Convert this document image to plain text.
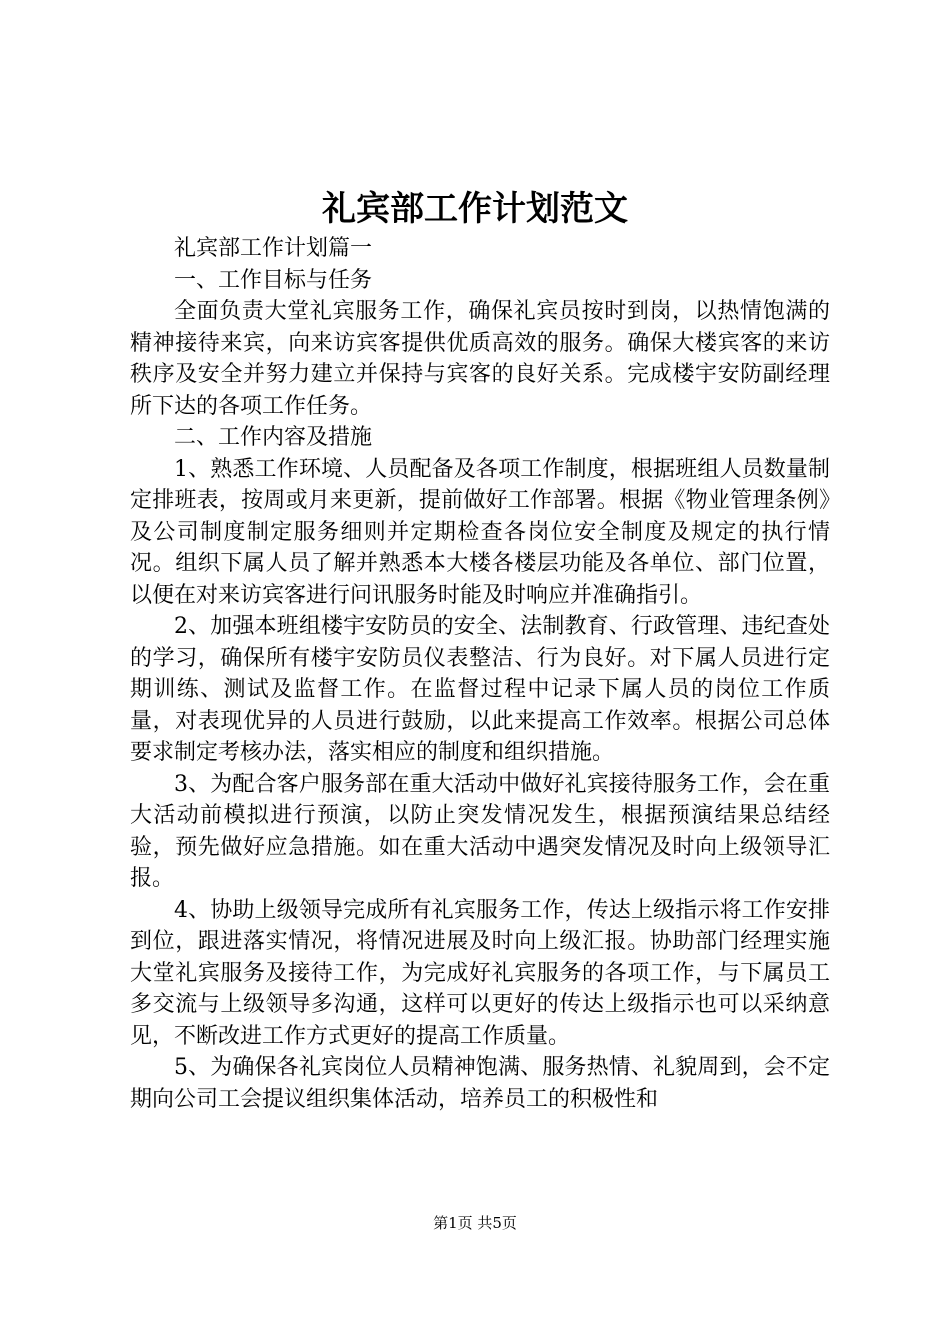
礼宾部工作计划范文

礼宾部工作计划篇一

一、工作目标与任务

全面负责大堂礼宾服务工作，确保礼宾员按时到岗，以热情饱满的精神接待来宾，向来访宾客提供优质高效的服务。确保大楼宾客的来访秩序及安全并努力建立并保持与宾客的良好关系。完成楼宇安防副经理所下达的各项工作任务。

二、工作内容及措施

1、熟悉工作环境、人员配备及各项工作制度，根据班组人员数量制定排班表，按周或月来更新，提前做好工作部署。根据《物业管理条例》及公司制度制定服务细则并定期检查各岗位安全制度及规定的执行情况。组织下属人员了解并熟悉本大楼各楼层功能及各单位、部门位置，以便在对来访宾客进行问讯服务时能及时响应并准确指引。

2、加强本班组楼宇安防员的安全、法制教育、行政管理、违纪查处的学习，确保所有楼宇安防员仪表整洁、行为良好。对下属人员进行定期训练、测试及监督工作。在监督过程中记录下属人员的岗位工作质量，对表现优异的人员进行鼓励，以此来提高工作效率。根据公司总体要求制定考核办法，落实相应的制度和组织措施。

3、为配合客户服务部在重大活动中做好礼宾接待服务工作，会在重大活动前模拟进行预演，以防止突发情况发生，根据预演结果总结经验，预先做好应急措施。如在重大活动中遇突发情况及时向上级领导汇报。

4、协助上级领导完成所有礼宾服务工作，传达上级指示将工作安排到位，跟进落实情况，将情况进展及时向上级汇报。协助部门经理实施大堂礼宾服务及接待工作，为完成好礼宾服务的各项工作，与下属员工多交流与上级领导多沟通，这样可以更好的传达上级指示也可以采纳意见，不断改进工作方式更好的提高工作质量。

5、为确保各礼宾岗位人员精神饱满、服务热情、礼貌周到，会不定期向公司工会提议组织集体活动，培养员工的积极性和

第1页 共5页
